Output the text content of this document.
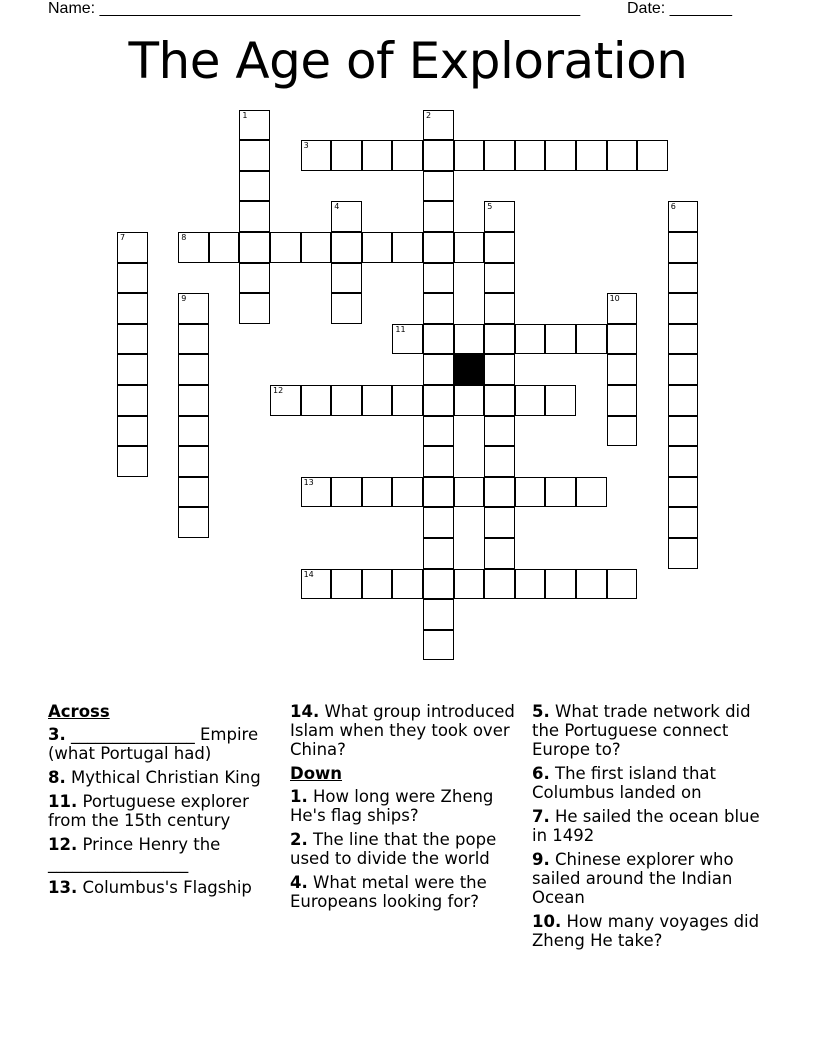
Name: ______________________________________________________	Date: _______
The Age of Exploration
1	2
3
4	5	6
7	8
9	10
11
12
13
14
Across
3. _______________ Empire (what Portugal had)
8. Mythical Christian King
11. Portuguese explorer from the 15th century
12. Prince Henry the _________________
13. Columbus's Flagship
14. What group introduced Islam when they took over China?
Down
1. How long were Zheng He's flag ships?
2. The line that the pope used to divide the world
4. What metal were the Europeans looking for?
5. What trade network did the Portuguese connect Europe to?
6. The first island that Columbus landed on
7. He sailed the ocean blue in 1492
9. Chinese explorer who sailed around the Indian Ocean
10. How many voyages did Zheng He take?
